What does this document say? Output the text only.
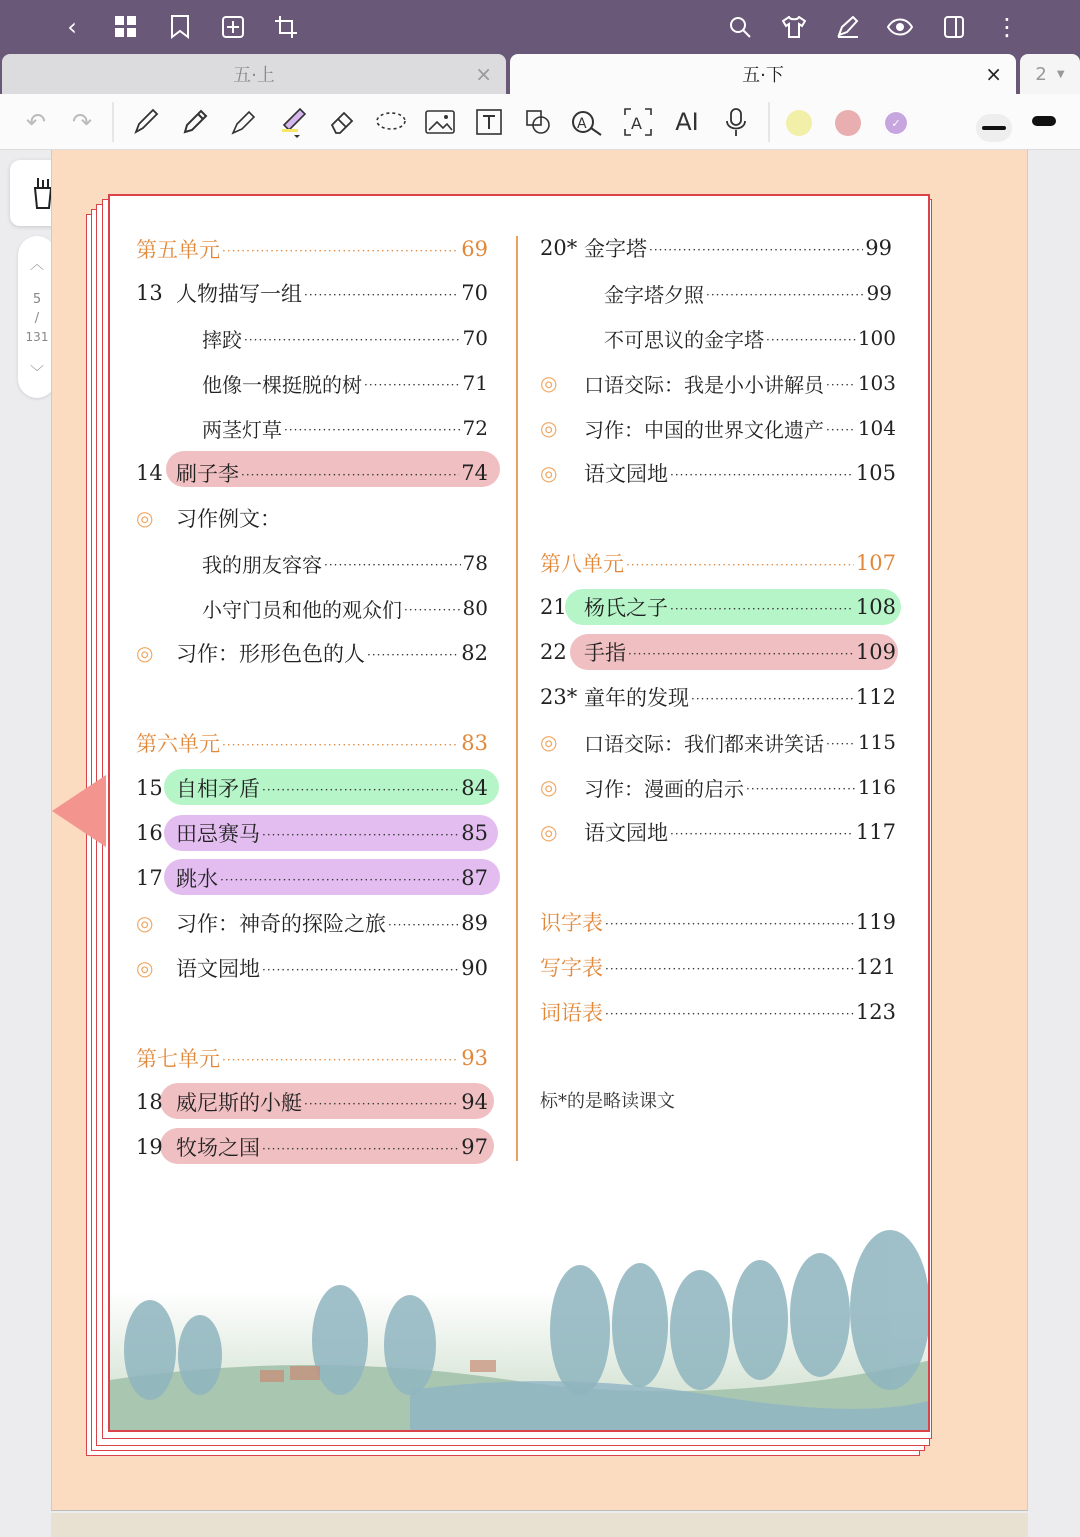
‹	⋮
五·上	×	五·下	× 2 ▼
↶	↷	A	A	AI	✓
︿
5
/
131
﹀
第五单元 ·····	69
13 人物描写一组 ·····	70
摔跤 ·····	70
他像一棵挺脱的树 ·····	71
两茎灯草 ·····	72
14 刷子李 ·····	74
◎	习作例文：
我的朋友容容 ·····	78
小守门员和他的观众们 ·····	80
◎	习作：形形色色的人 ·····	82
第六单元 ·····	83
15 自相矛盾 ·····	84
16 田忌赛马 ·····	85
17 跳水 ·····	87
◎	习作：神奇的探险之旅 ·····	89
◎	语文园地 ·····	90
第七单元 ·····	93
18 威尼斯的小艇 ·····	94
19 牧场之国 ·····	97
20* 金字塔 ·····	99
金字塔夕照 ·····	99
不可思议的金字塔 ·····	100
◎	口语交际：我是小小讲解员 ····· 103
◎	习作：中国的世界文化遗产 ····· 104
◎	语文园地 ·····	105
第八单元 ·····	107
21 杨氏之子 ·····	108
22 手指 ·····	109
23* 童年的发现 ·····	112
◎	口语交际：我们都来讲笑话 ····· 115
◎	习作：漫画的启示 ·····	116
◎	语文园地 ·····	117
识字表 ·····	119
写字表 ·····	121
词语表 ·····	123
标*的是略读课文
